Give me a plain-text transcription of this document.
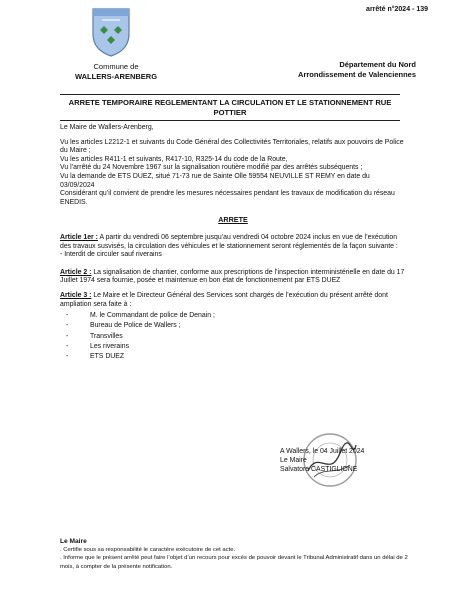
arrêté n°2024 - 139
Commune de
WALLERS-ARENBERG
Département du Nord
Arrondissement de Valenciennes
ARRETE TEMPORAIRE REGLEMENTANT LA CIRCULATION ET LE STATIONNEMENT RUE
POTTIER

Le Maire de Wallers-Arenberg,

Vu les articles L2212-1 et suivants du Code Général des Collectivités Territoriales, relatifs aux pouvoirs de Police du Maire ;

Vu les articles R411-1 et suivants, R417-10, R325-14 du code de la Route,

Vu l’arrêté du 24 Novembre 1967 sur la signalisation routière modifié par des arrêtés subséquents ;

Vu la demande de ETS DUEZ, situé 71-73 rue de Sainte Olle 59554 NEUVILLE ST REMY en date du 03/09/2024

Considérant qu’il convient de prendre les mesures nécessaires pendant les travaux de modification du réseau ENEDIS.

ARRETE

Article 1er : A partir du vendredi 06 septembre jusqu’au vendredi 04 octobre 2024 inclus en vue de l’exécution des travaux susvisés, la circulation des véhicules et le stationnement seront réglementés de la façon suivante :

- Interdit de circuler sauf riverains

Article 2 : La signalisation de chantier, conforme aux prescriptions de l’inspection interministérielle en date du 17 Juillet 1974 sera fournie, posée et maintenue en bon état de fonctionnement par ETS DUEZ

Article 3 : Le Maire et le Directeur Général des Services sont chargés de l’exécution du présent arrêté dont ampliation sera faite à :

- M. le Commandant de police de Denain ;
- Bureau de Police de Wallers ;
- Transvilles
- Les riverains
- ETS DUEZ
A Wallers, le 04 Juillet 2024
Le Maire
Salvatore CASTIGLIONE
Le Maire
. Certifie sous sa responsabilité le caractère exécutoire de cet acte.
. Informe que le présent arrêté peut faire l’objet d’un recours pour excès de pouvoir devant le Tribunal Administratif dans un délai de 2 mois, à compter de la présente notification.
